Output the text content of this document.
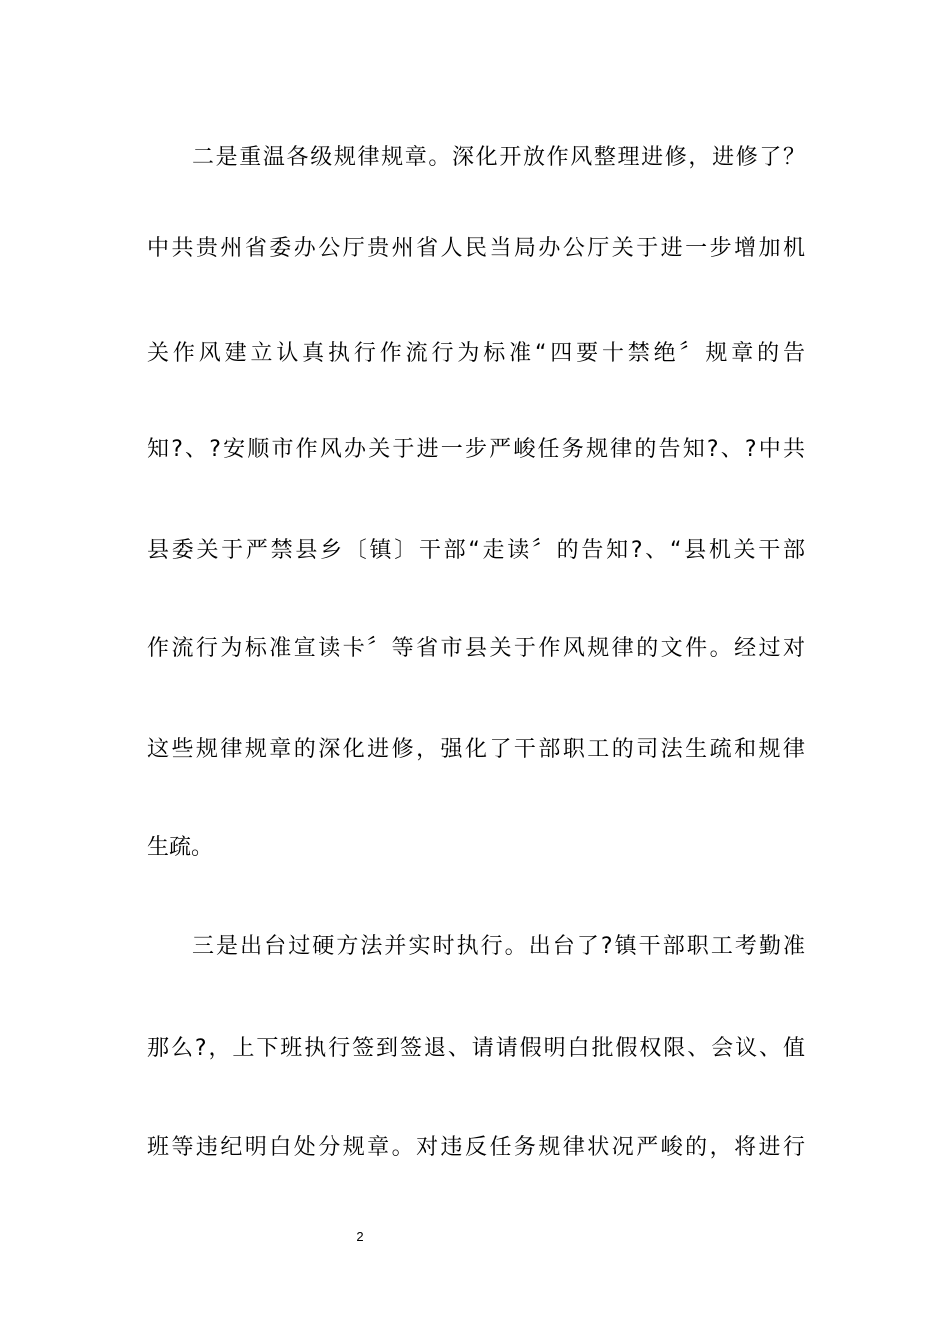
二是重温各级规律规章。深化开放作风整理进修，进修了？
中共贵州省委办公厅贵州省人民当局办公厅关于进一步增加机
关作风建立认真执行作流行为标准“四要十禁绝〞规章的告
知?、?安顺市作风办关于进一步严峻任务规律的告知?、?中共
县委关于严禁县乡〔镇〕干部“走读〞的告知?、“县机关干部
作流行为标准宣读卡〞等省市县关于作风规律的文件。经过对
这些规律规章的深化进修，强化了干部职工的司法生疏和规律
生疏。
三是出台过硬方法并实时执行。出台了?镇干部职工考勤准
那么?，上下班执行签到签退、请请假明白批假权限、会议、值
班等违纪明白处分规章。对违反任务规律状况严峻的，将进行
2
